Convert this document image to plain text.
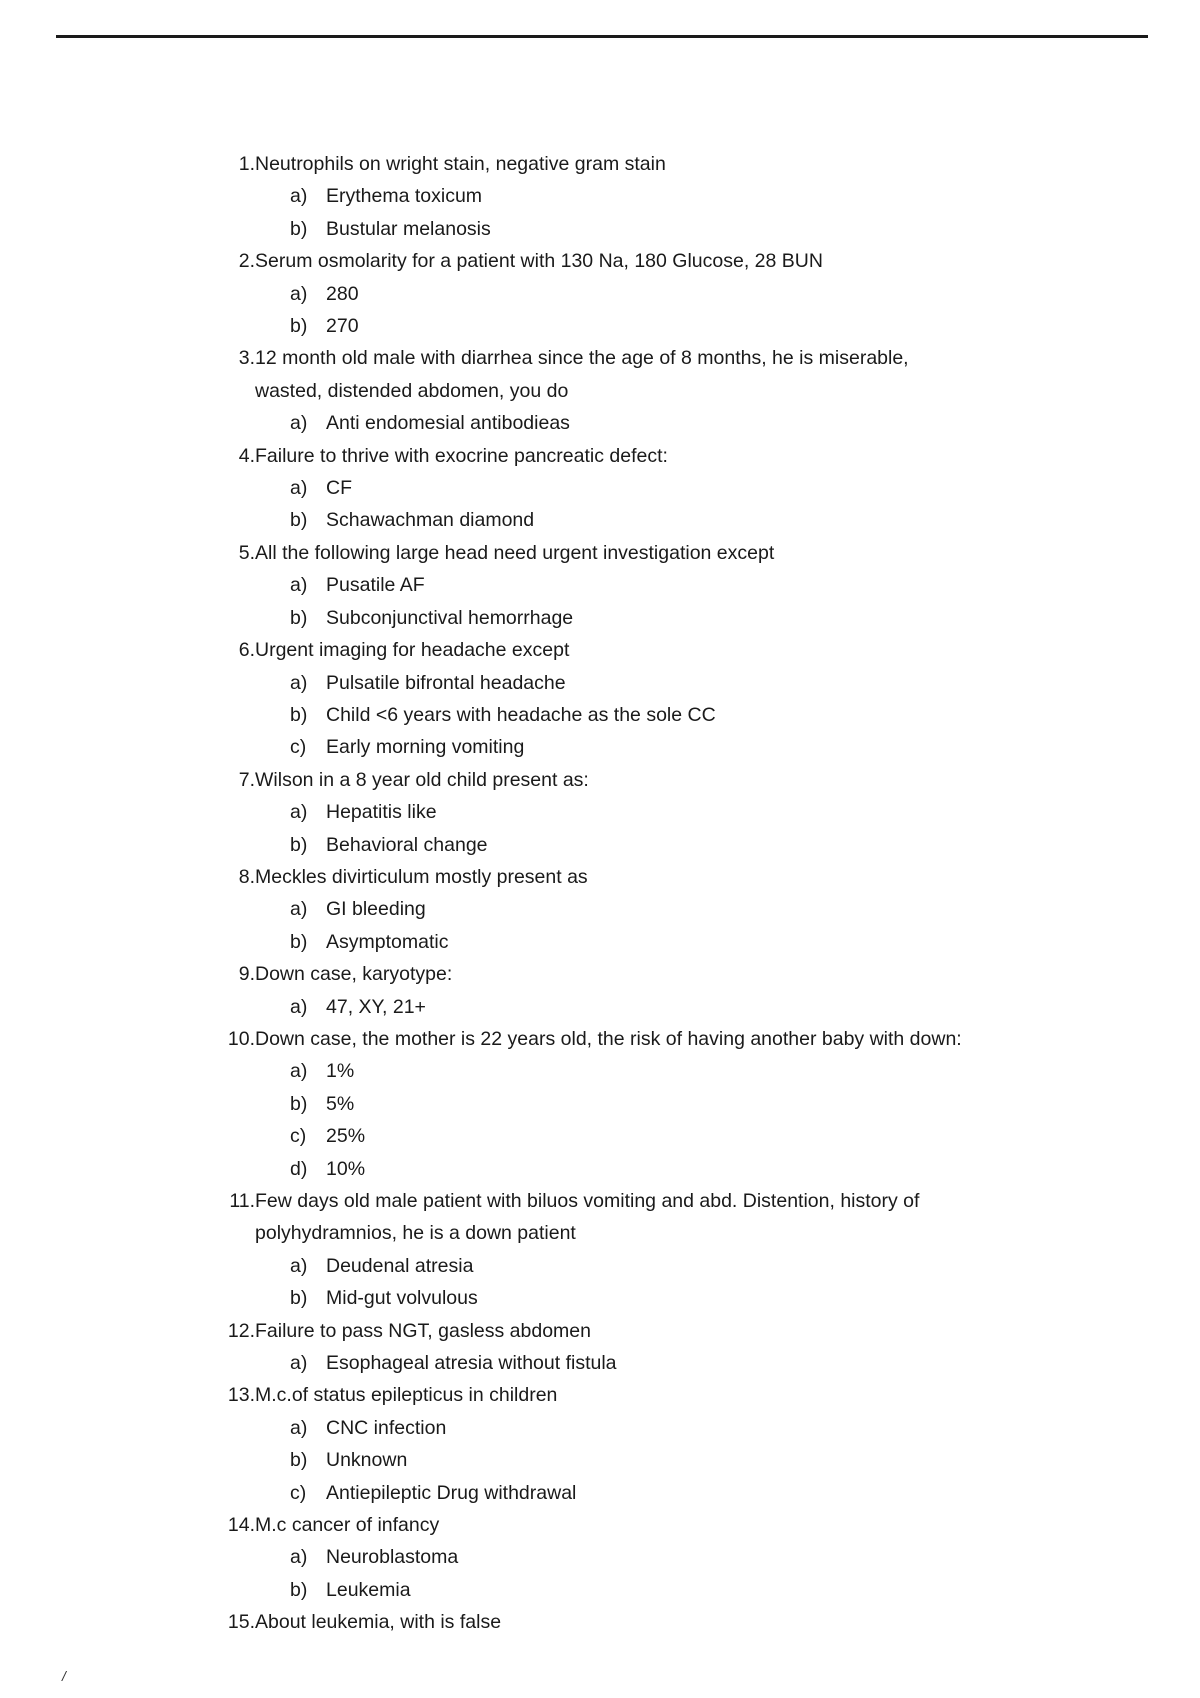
1. Neutrophils on wright stain, negative gram stain
a) Erythema toxicum
b) Bustular melanosis
2. Serum osmolarity for a patient with 130 Na, 180 Glucose, 28 BUN
a) 280
b) 270
3. 12 month old male with diarrhea since the age of 8 months, he is miserable,
wasted, distended abdomen, you do
a) Anti endomesial antibodieas
4. Failure to thrive with exocrine pancreatic defect:
a) CF
b) Schawachman diamond
5. All the following large head need urgent investigation except
a) Pusatile AF
b) Subconjunctival hemorrhage
6. Urgent imaging for headache except
a) Pulsatile bifrontal headache
b) Child <6 years with headache as the sole CC
c)	Early morning vomiting
7. Wilson in a 8 year old child present as:
a) Hepatitis like
b) Behavioral change
8. Meckles divirticulum mostly present as
a) GI bleeding
b) Asymptomatic
9. Down case, karyotype:
a) 47, XY, 21+
10. Down case, the mother is 22 years old, the risk of having another baby with down:
a) 1%
b) 5%
c)	25%
d) 10%
11. Few days old male patient with biluos vomiting and abd. Distention, history of
polyhydramnios, he is a down patient
a) Deudenal atresia
b) Mid-gut volvulous
12. Failure to pass NGT, gasless abdomen
a) Esophageal atresia without fistula
13. M.c.of status epilepticus in children
a) CNC infection
b) Unknown
c)	Antiepileptic Drug withdrawal
14. M.c cancer of infancy
a) Neuroblastoma
b) Leukemia
15. About leukemia, with is false
/
